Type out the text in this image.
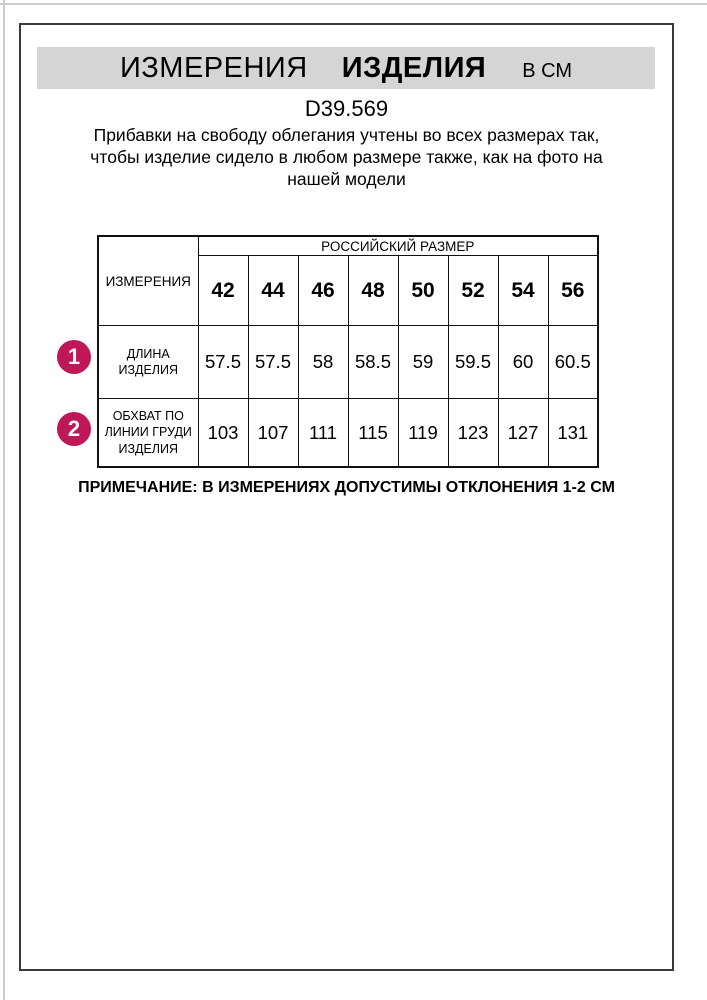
ИЗМЕРЕНИЯ ИЗДЕЛИЯ В СМ
D39.569
Прибавки на свободу облегания учтены во всех размерах так, чтобы изделие сидело в любом размере также, как на фото на нашей модели
ИЗМЕРЕНИЯ	РОССИЙСКИЙ РАЗМЕР							
	42	44	46	48	50	52	54	56
ДЛИНА ИЗДЕЛИЯ	57.5	57.5	58	58.5	59	59.5	60	60.5
ОБХВАТ ПО ЛИНИИ ГРУДИ ИЗДЕЛИЯ	103	107	111	115	119	123	127	131
1
2
ПРИМЕЧАНИЕ: В ИЗМЕРЕНИЯХ ДОПУСТИМЫ ОТКЛОНЕНИЯ 1-2 СМ
